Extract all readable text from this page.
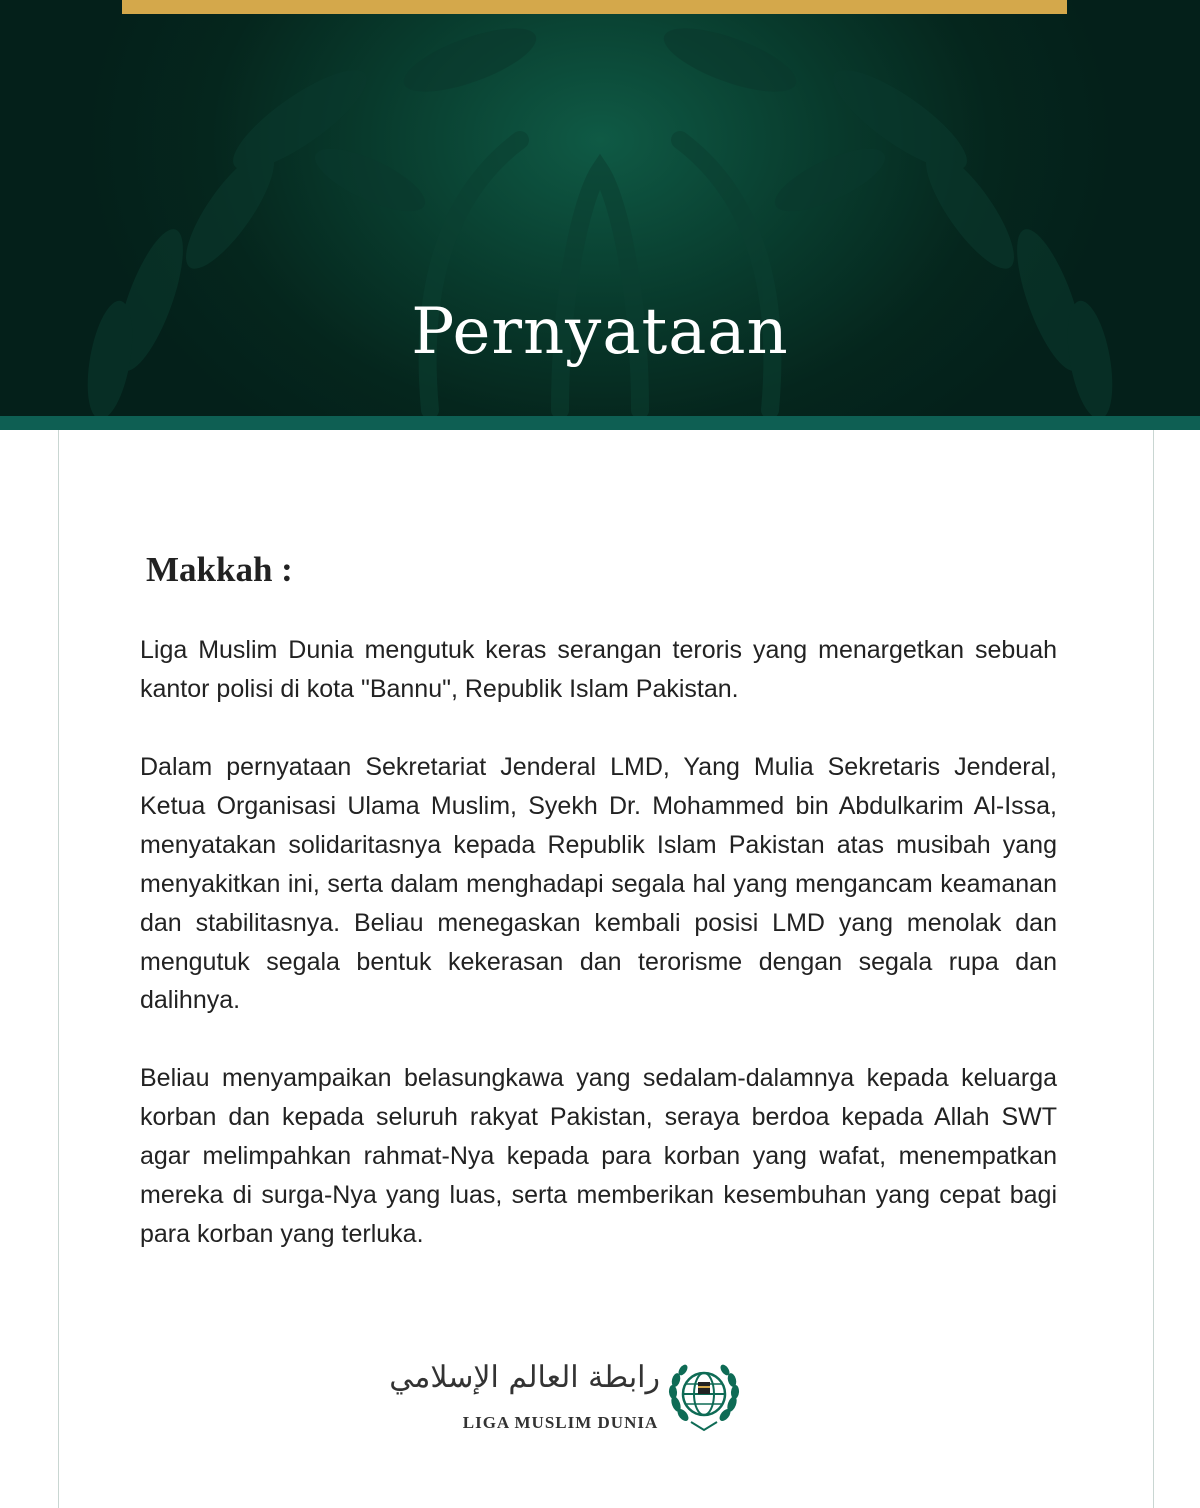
Pernyataan
Makkah :

Liga Muslim Dunia mengutuk keras serangan teroris yang menargetkan sebuah kantor polisi di kota "Bannu", Republik Islam Pakistan.

Dalam pernyataan Sekretariat Jenderal LMD, Yang Mulia Sekretaris Jenderal, Ketua Organisasi Ulama Muslim, Syekh Dr. Mohammed bin Abdulkarim Al-Issa, menyatakan solidaritasnya kepada Republik Islam Pakistan atas musibah yang menyakitkan ini, serta dalam menghadapi segala hal yang mengancam keamanan dan stabilitasnya. Beliau menegaskan kembali posisi LMD yang menolak dan mengutuk segala bentuk kekerasan dan terorisme dengan segala rupa dan dalihnya.

Beliau menyampaikan belasungkawa yang sedalam-dalamnya kepada keluarga korban dan kepada seluruh rakyat Pakistan, seraya berdoa kepada Allah SWT agar melimpahkan rahmat-Nya kepada para korban yang wafat, menempatkan mereka di surga-Nya yang luas, serta memberikan kesembuhan yang cepat bagi para korban yang terluka.

رابطة العالم الإسلامي
LIGA MUSLIM DUNIA
